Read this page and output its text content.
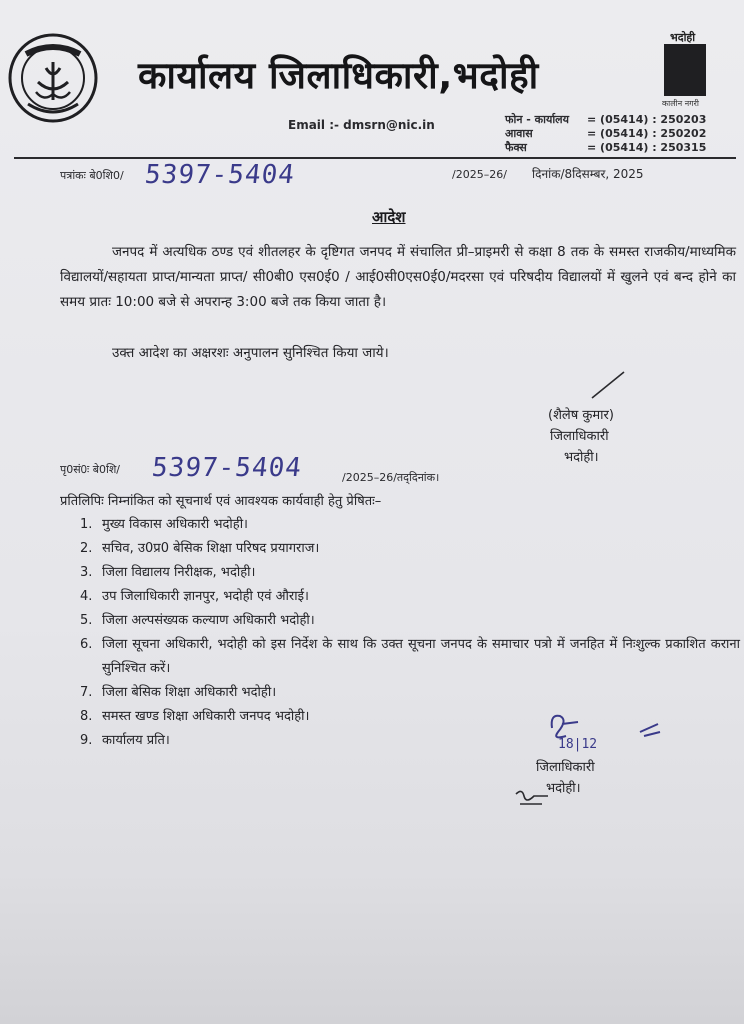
कार्यालय जिलाधिकारी,भदोही
Email :- dmsrn@nic.in
भदोही
कालीन नगरी
फोन - कार्यालय = (05414) : 250203
आवास	= (05414) : 250202
फैक्स	= (05414) : 250315
पत्रांकः बे0शि0/ 5397-5404	/2025–26/ दिनांक/8दिसम्बर, 2025
आदेश
जनपद में अत्यधिक ठण्ड एवं शीतलहर के दृष्टिगत जनपद में संचालित प्री–प्राइमरी से कक्षा 8 तक के समस्त राजकीय/माध्यमिक विद्यालयों/सहायता प्राप्त/मान्यता प्राप्त/ सी0बी0 एस0ई0 / आई0सी0एस0ई0/मदरसा एवं परिषदीय विद्यालयों में खुलने एवं बन्द होने का समय प्रातः 10:00 बजे से अपरान्ह 3:00 बजे तक किया जाता है।
उक्त आदेश का अक्षरशः अनुपालन सुनिश्चित किया जाये।
(शैलेष कुमार)
जिलाधिकारी
भदोही।
पृ0सं0ः बे0शि/ 5397-5404	/2025–26/तद्‌दिनांक।
प्रतिलिपिः निम्नांकित को सूचनार्थ एवं आवश्यक कार्यवाही हेतु प्रेषितः–
1. मुख्य विकास अधिकारी भदोही।
2. सचिव, उ0प्र0 बेसिक शिक्षा परिषद प्रयागराज।
3. जिला विद्यालय निरीक्षक, भदोही।
4. उप जिलाधिकारी ज्ञानपुर, भदोही एवं औराई।
5. जिला अल्पसंख्यक कल्याण अधिकारी भदोही।
6. जिला सूचना अधिकारी, भदोही को इस निर्देश के साथ कि उक्त सूचना जनपद के समाचार पत्रो में जनहित में निःशुल्क प्रकाशित कराना सुनिश्चित करें।
7. जिला बेसिक शिक्षा अधिकारी भदोही।
8. समस्त खण्ड शिक्षा अधिकारी जनपद भदोही।
9. कार्यालय प्रति।	18|12
जिलाधिकारी
भदोही।
